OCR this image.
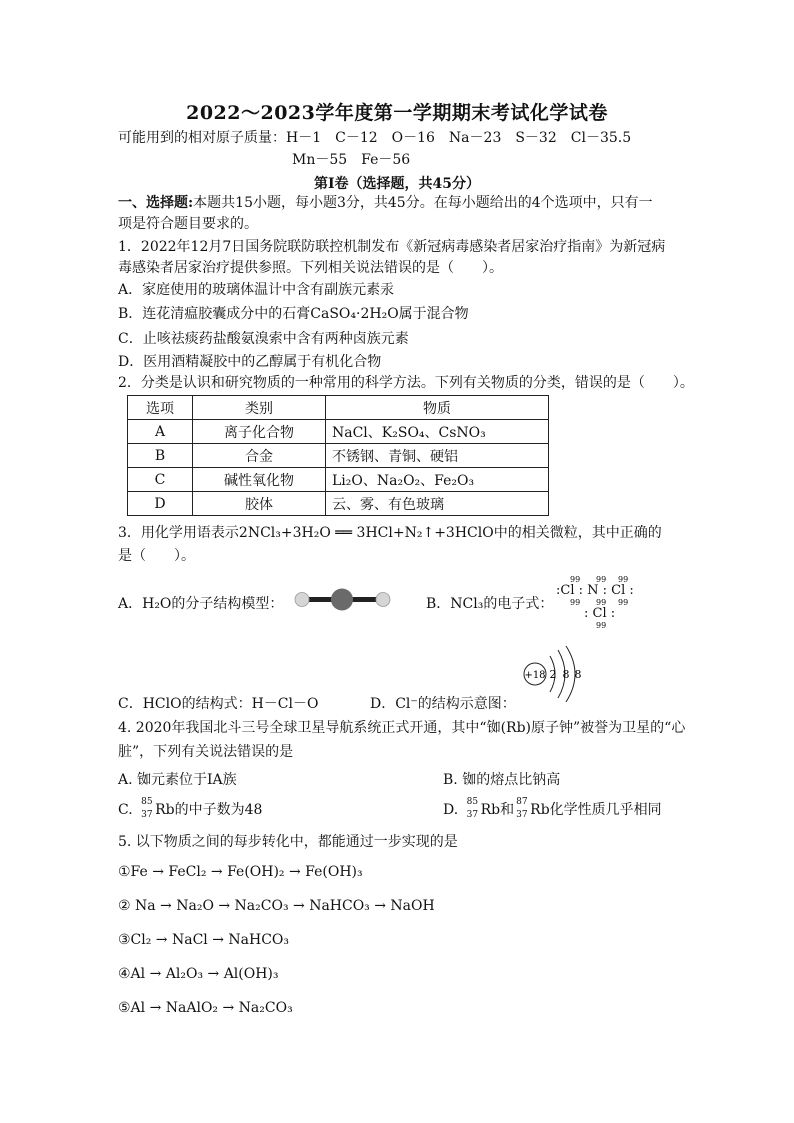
2022～2023学年度第一学期期末考试化学试卷
可能用到的相对原子质量：H－1　C－12　O－16　Na－23　S－32　Cl－35.5
Mn－55　Fe－56
第Ⅰ卷（选择题，共45分）
一、选择题:本题共15小题，每小题3分，共45分。在每小题给出的4个选项中，只有一
项是符合题目要求的。
1．2022年12月7日国务院联防联控机制发布《新冠病毒感染者居家治疗指南》为新冠病
毒感染者居家治疗提供参照。下列相关说法错误的是（　　）。
A．家庭使用的玻璃体温计中含有副族元素汞
B．连花清瘟胶囊成分中的石膏CaSO₄·2H₂O属于混合物
C．止咳祛痰药盐酸氨溴索中含有两种卤族元素
D．医用酒精凝胶中的乙醇属于有机化合物
2．分类是认识和研究物质的一种常用的科学方法。下列有关物质的分类，错误的是（　　）。
选项	类别	物质
A	离子化合物	NaCl、K₂SO₄、CsNO₃
B	合金	不锈钢、青铜、硬铝
C	碱性氧化物	Li₂O、Na₂O₂、Fe₂O₃
D	胶体	云、雾、有色玻璃
3．用化学用语表示2NCl₃+3H₂O ══ 3HCl+N₂↑+3HClO中的相关微粒，其中正确的
是（　　）。
A．H₂O的分子结构模型：	B．NCl₃的电子式：
99 99 99
:Cl : N : Cl :
99 99 99
: Cl :
99
+18 2 8 8
C．HClO的结构式：H－Cl－O	D．Cl⁻的结构示意图：
4. 2020年我国北斗三号全球卫星导航系统正式开通，其中“铷(Rb)原子钟”被誉为卫星的“心
脏”，下列有关说法错误的是
A. 铷元素位于IA族	B. 铷的熔点比钠高
C. 85
37 Rb的中子数为48	D. 85
37 Rb和 87
37 Rb化学性质几乎相同
5. 以下物质之间的每步转化中，都能通过一步实现的是
①Fe → FeCl₂ → Fe(OH)₂ → Fe(OH)₃
② Na → Na₂O → Na₂CO₃ → NaHCO₃ → NaOH
③Cl₂ → NaCl → NaHCO₃
④Al → Al₂O₃ → Al(OH)₃
⑤Al → NaAlO₂ → Na₂CO₃
